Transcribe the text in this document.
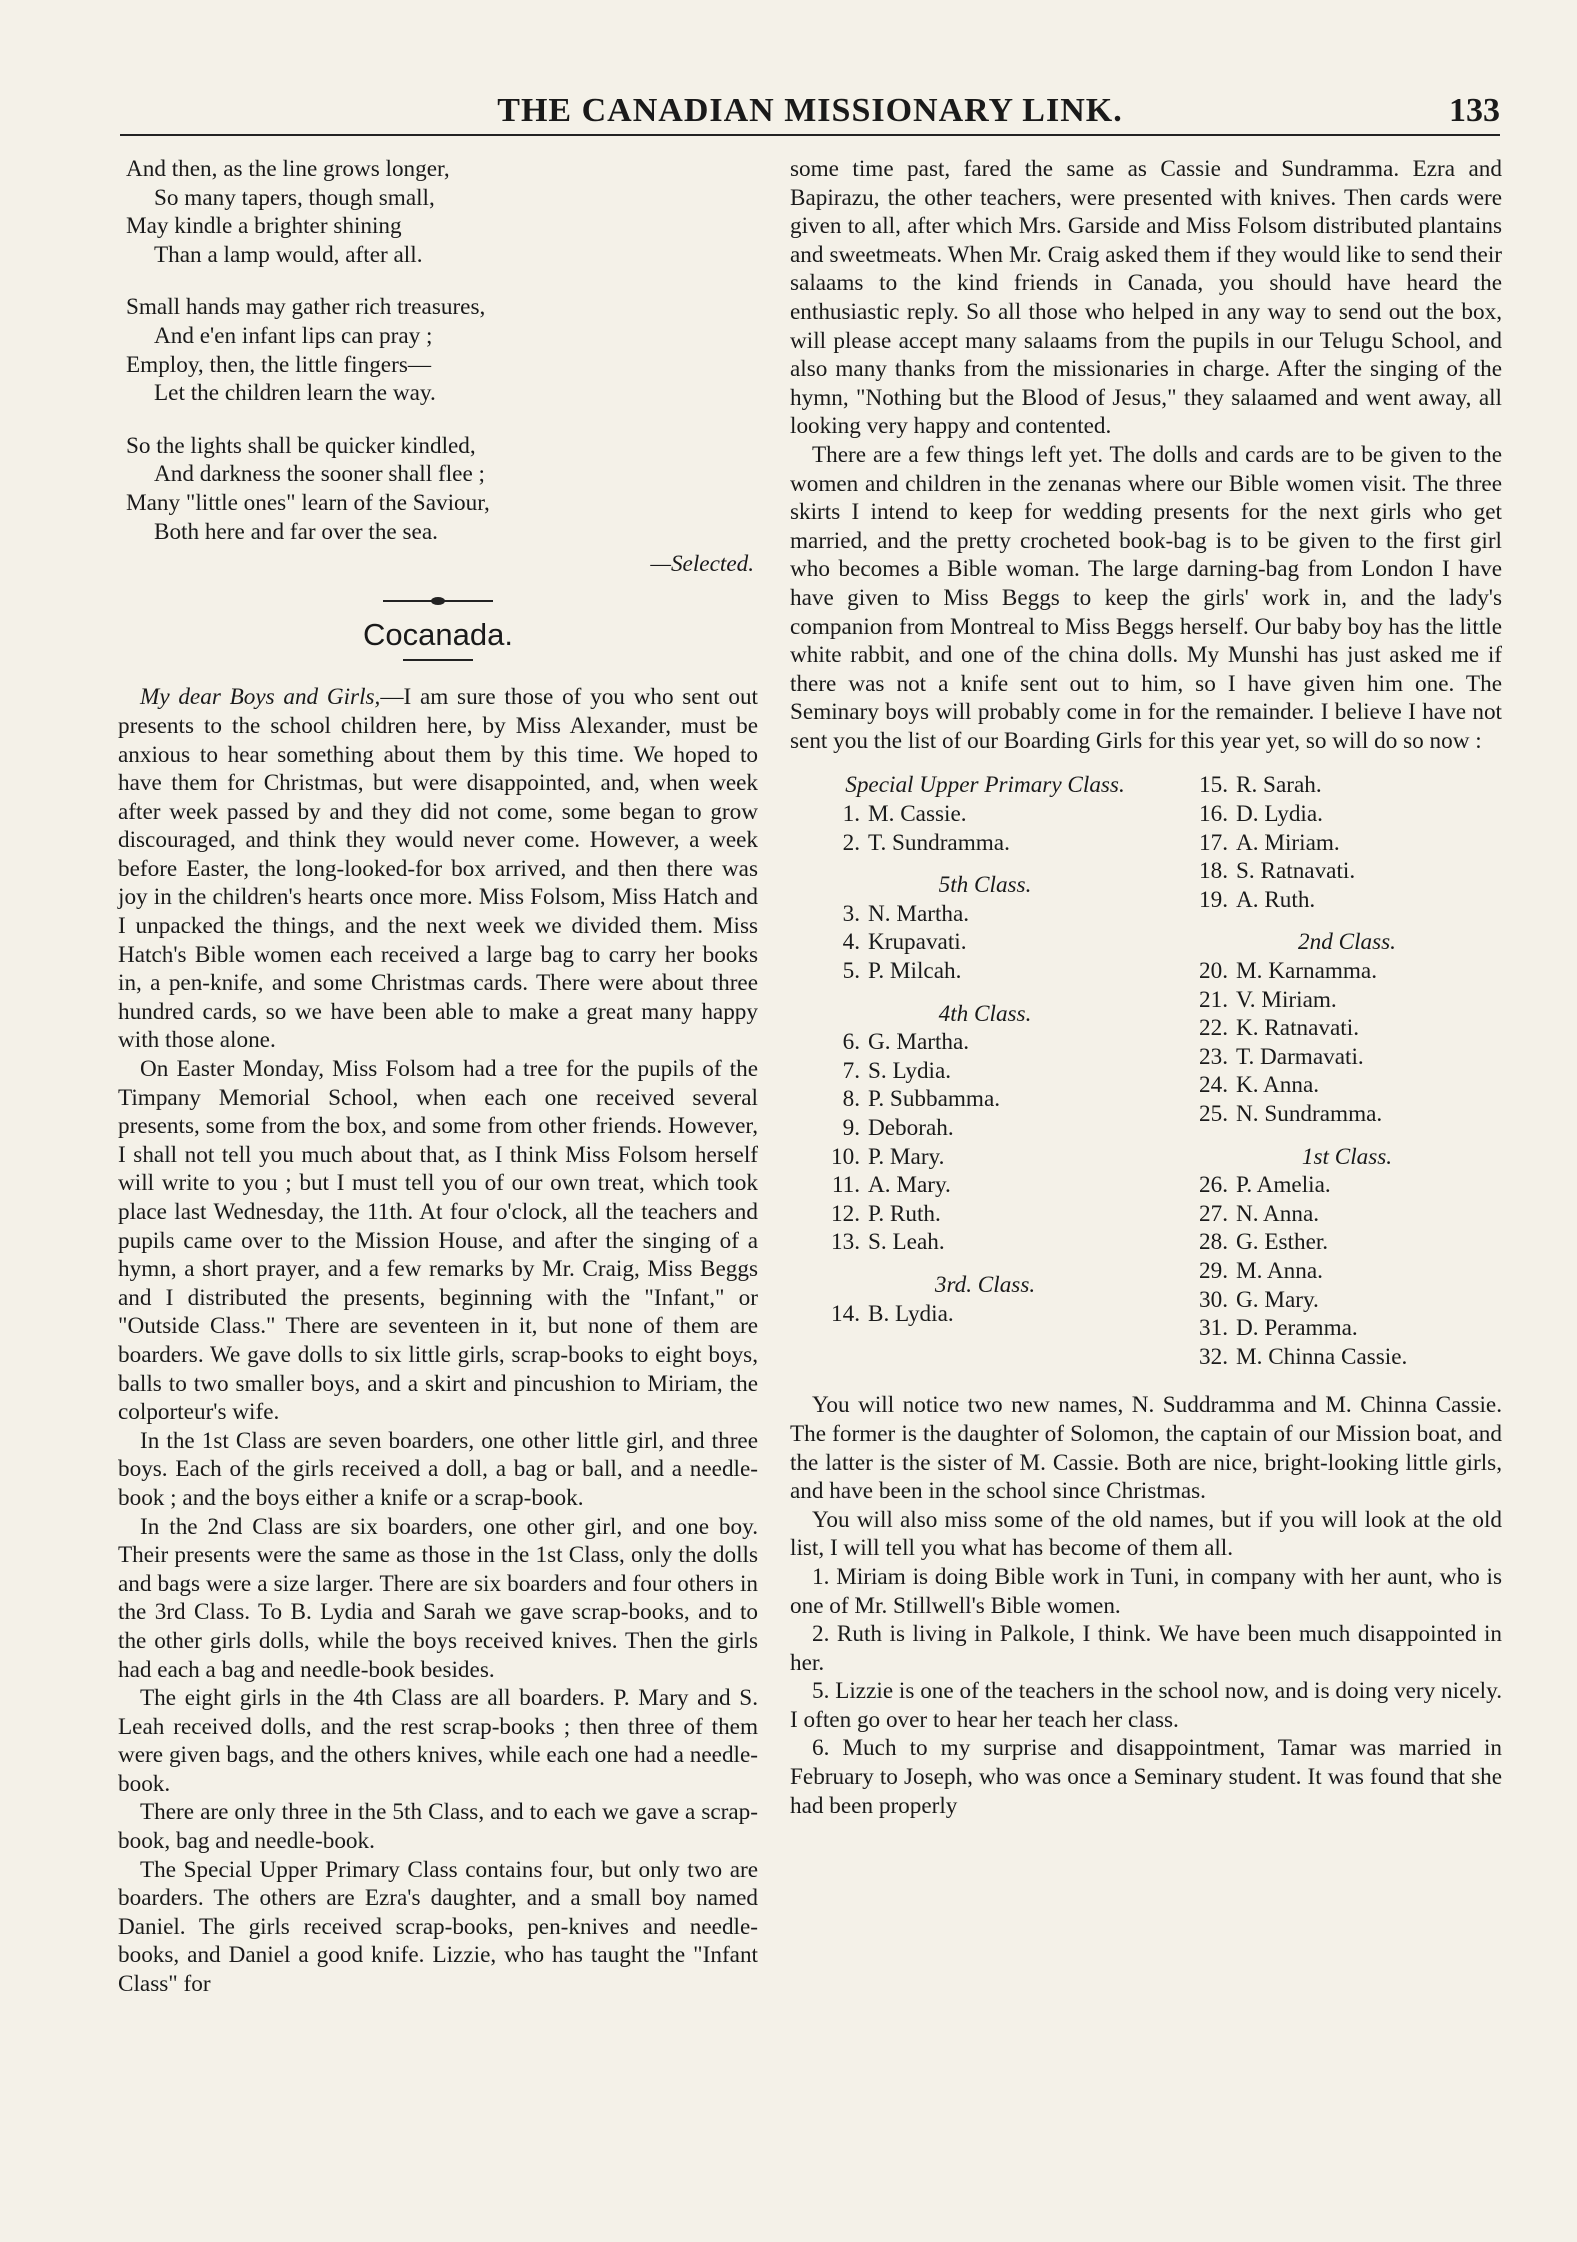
THE CANADIAN MISSIONARY LINK.	133
And then, as the line grows longer,
So many tapers, though small,
May kindle a brighter shining
Than a lamp would, after all.
Small hands may gather rich treasures,
And e'en infant lips can pray ;
Employ, then, the little fingers—
Let the children learn the way.
So the lights shall be quicker kindled,
And darkness the sooner shall flee ;
Many "little ones" learn of the Saviour,
Both here and far over the sea.
—Selected.
Cocanada.

My dear Boys and Girls,—I am sure those of you who sent out presents to the school children here, by Miss Alexander, must be anxious to hear something about them by this time. We hoped to have them for Christmas, but were disappointed, and, when week after week passed by and they did not come, some began to grow discouraged, and think they would never come. However, a week before Easter, the long-looked-for box arrived, and then there was joy in the children's hearts once more. Miss Folsom, Miss Hatch and I unpacked the things, and the next week we divided them. Miss Hatch's Bible women each received a large bag to carry her books in, a pen-knife, and some Christmas cards. There were about three hundred cards, so we have been able to make a great many happy with those alone.

On Easter Monday, Miss Folsom had a tree for the pupils of the Timpany Memorial School, when each one received several presents, some from the box, and some from other friends. However, I shall not tell you much about that, as I think Miss Folsom herself will write to you ; but I must tell you of our own treat, which took place last Wednesday, the 11th. At four o'clock, all the teachers and pupils came over to the Mission House, and after the singing of a hymn, a short prayer, and a few remarks by Mr. Craig, Miss Beggs and I distributed the presents, beginning with the "Infant," or "Outside Class." There are seventeen in it, but none of them are boarders. We gave dolls to six little girls, scrap-books to eight boys, balls to two smaller boys, and a skirt and pincushion to Miriam, the colporteur's wife.

In the 1st Class are seven boarders, one other little girl, and three boys. Each of the girls received a doll, a bag or ball, and a needle-book ; and the boys either a knife or a scrap-book.

In the 2nd Class are six boarders, one other girl, and one boy. Their presents were the same as those in the 1st Class, only the dolls and bags were a size larger. There are six boarders and four others in the 3rd Class. To B. Lydia and Sarah we gave scrap-books, and to the other girls dolls, while the boys received knives. Then the girls had each a bag and needle-book besides.

The eight girls in the 4th Class are all boarders. P. Mary and S. Leah received dolls, and the rest scrap-books ; then three of them were given bags, and the others knives, while each one had a needle-book.

There are only three in the 5th Class, and to each we gave a scrap-book, bag and needle-book.

The Special Upper Primary Class contains four, but only two are boarders. The others are Ezra's daughter, and a small boy named Daniel. The girls received scrap-books, pen-knives and needle-books, and Daniel a good knife. Lizzie, who has taught the "Infant Class" for

some time past, fared the same as Cassie and Sundramma. Ezra and Bapirazu, the other teachers, were presented with knives. Then cards were given to all, after which Mrs. Garside and Miss Folsom distributed plantains and sweetmeats. When Mr. Craig asked them if they would like to send their salaams to the kind friends in Canada, you should have heard the enthusiastic reply. So all those who helped in any way to send out the box, will please accept many salaams from the pupils in our Telugu School, and also many thanks from the missionaries in charge. After the singing of the hymn, "Nothing but the Blood of Jesus," they salaamed and went away, all looking very happy and contented.

There are a few things left yet. The dolls and cards are to be given to the women and children in the zenanas where our Bible women visit. The three skirts I intend to keep for wedding presents for the next girls who get married, and the pretty crocheted book-bag is to be given to the first girl who becomes a Bible woman. The large darning-bag from London I have have given to Miss Beggs to keep the girls' work in, and the lady's companion from Montreal to Miss Beggs herself. Our baby boy has the little white rabbit, and one of the china dolls. My Munshi has just asked me if there was not a knife sent out to him, so I have given him one. The Seminary boys will probably come in for the remainder. I believe I have not sent you the list of our Boarding Girls for this year yet, so will do so now :

Special Upper Primary Class.

1. M. Cassie.
2. T. Sundramma.

5th Class.

3. N. Martha.
4. Krupavati.
5. P. Milcah.

4th Class.

6. G. Martha.
7. S. Lydia.
8. P. Subbamma.
9. Deborah.
10. P. Mary.
11. A. Mary.
12. P. Ruth.
13. S. Leah.

3rd. Class.

14. B. Lydia.
15. R. Sarah.
16. D. Lydia.
17. A. Miriam.
18. S. Ratnavati.
19. A. Ruth.

2nd Class.

20. M. Karnamma.
21. V. Miriam.
22. K. Ratnavati.
23. T. Darmavati.
24. K. Anna.
25. N. Sundramma.

1st Class.

26. P. Amelia.
27. N. Anna.
28. G. Esther.
29. M. Anna.
30. G. Mary.
31. D. Peramma.
32. M. Chinna Cassie.

You will notice two new names, N. Suddramma and M. Chinna Cassie. The former is the daughter of Solomon, the captain of our Mission boat, and the latter is the sister of M. Cassie. Both are nice, bright-looking little girls, and have been in the school since Christmas.

You will also miss some of the old names, but if you will look at the old list, I will tell you what has become of them all.

1. Miriam is doing Bible work in Tuni, in company with her aunt, who is one of Mr. Stillwell's Bible women.

2. Ruth is living in Palkole, I think. We have been much disappointed in her.

5. Lizzie is one of the teachers in the school now, and is doing very nicely. I often go over to hear her teach her class.

6. Much to my surprise and disappointment, Tamar was married in February to Joseph, who was once a Seminary student. It was found that she had been properly
